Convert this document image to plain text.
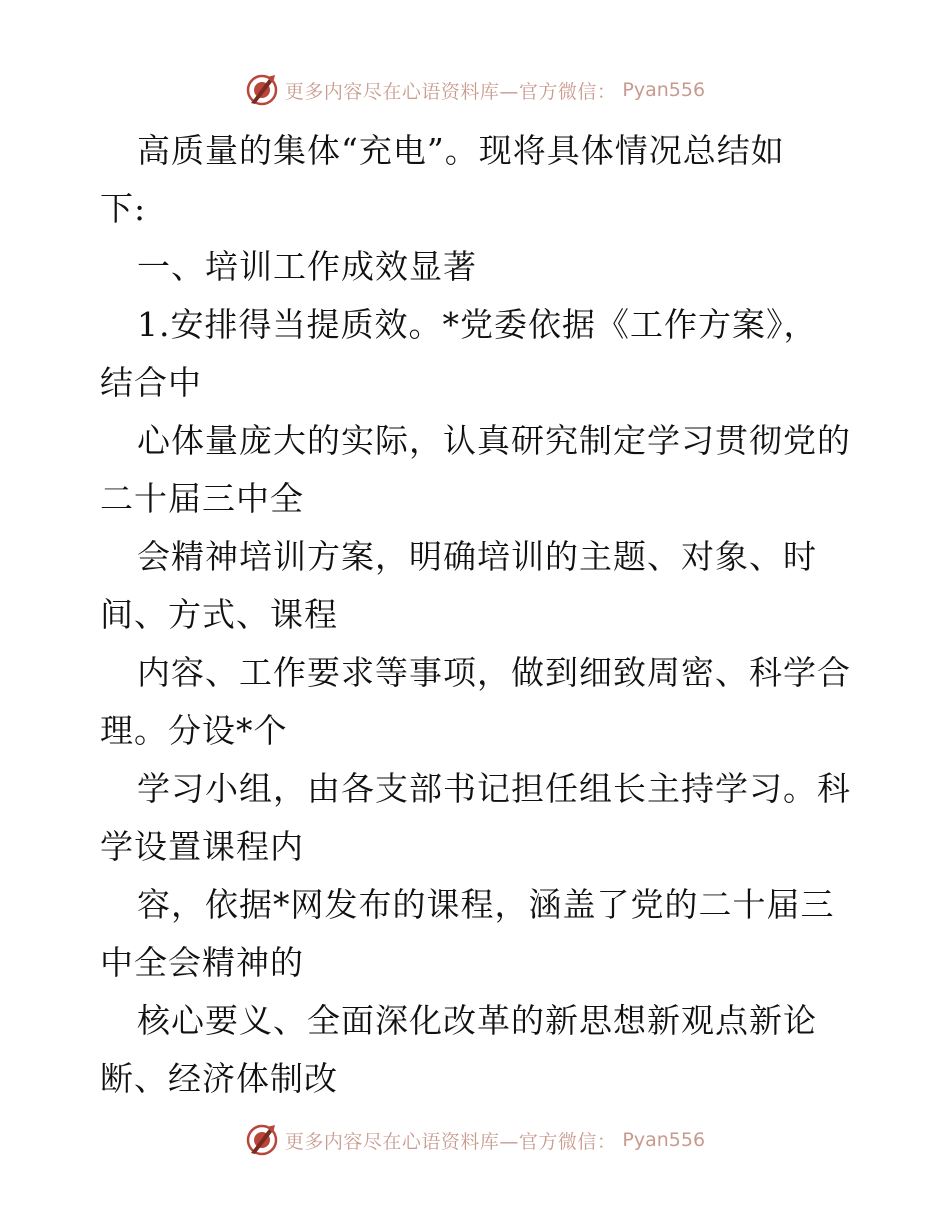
更多内容尽在心语资料库—官方微信： Pyan556
高质量的集体“充电”。现将具体情况总结如
下:
一、培训工作成效显著
1.安排得当提质效。*党委依据《工作方案》，
结合中
心体量庞大的实际，认真研究制定学习贯彻党的
二十届三中全
会精神培训方案，明确培训的主题、对象、时
间、方式、课程
内容、工作要求等事项，做到细致周密、科学合
理。分设*个
学习小组，由各支部书记担任组长主持学习。科
学设置课程内
容，依据*网发布的课程，涵盖了党的二十届三
中全会精神的
核心要义、全面深化改革的新思想新观点新论
断、经济体制改
更多内容尽在心语资料库—官方微信： Pyan556
